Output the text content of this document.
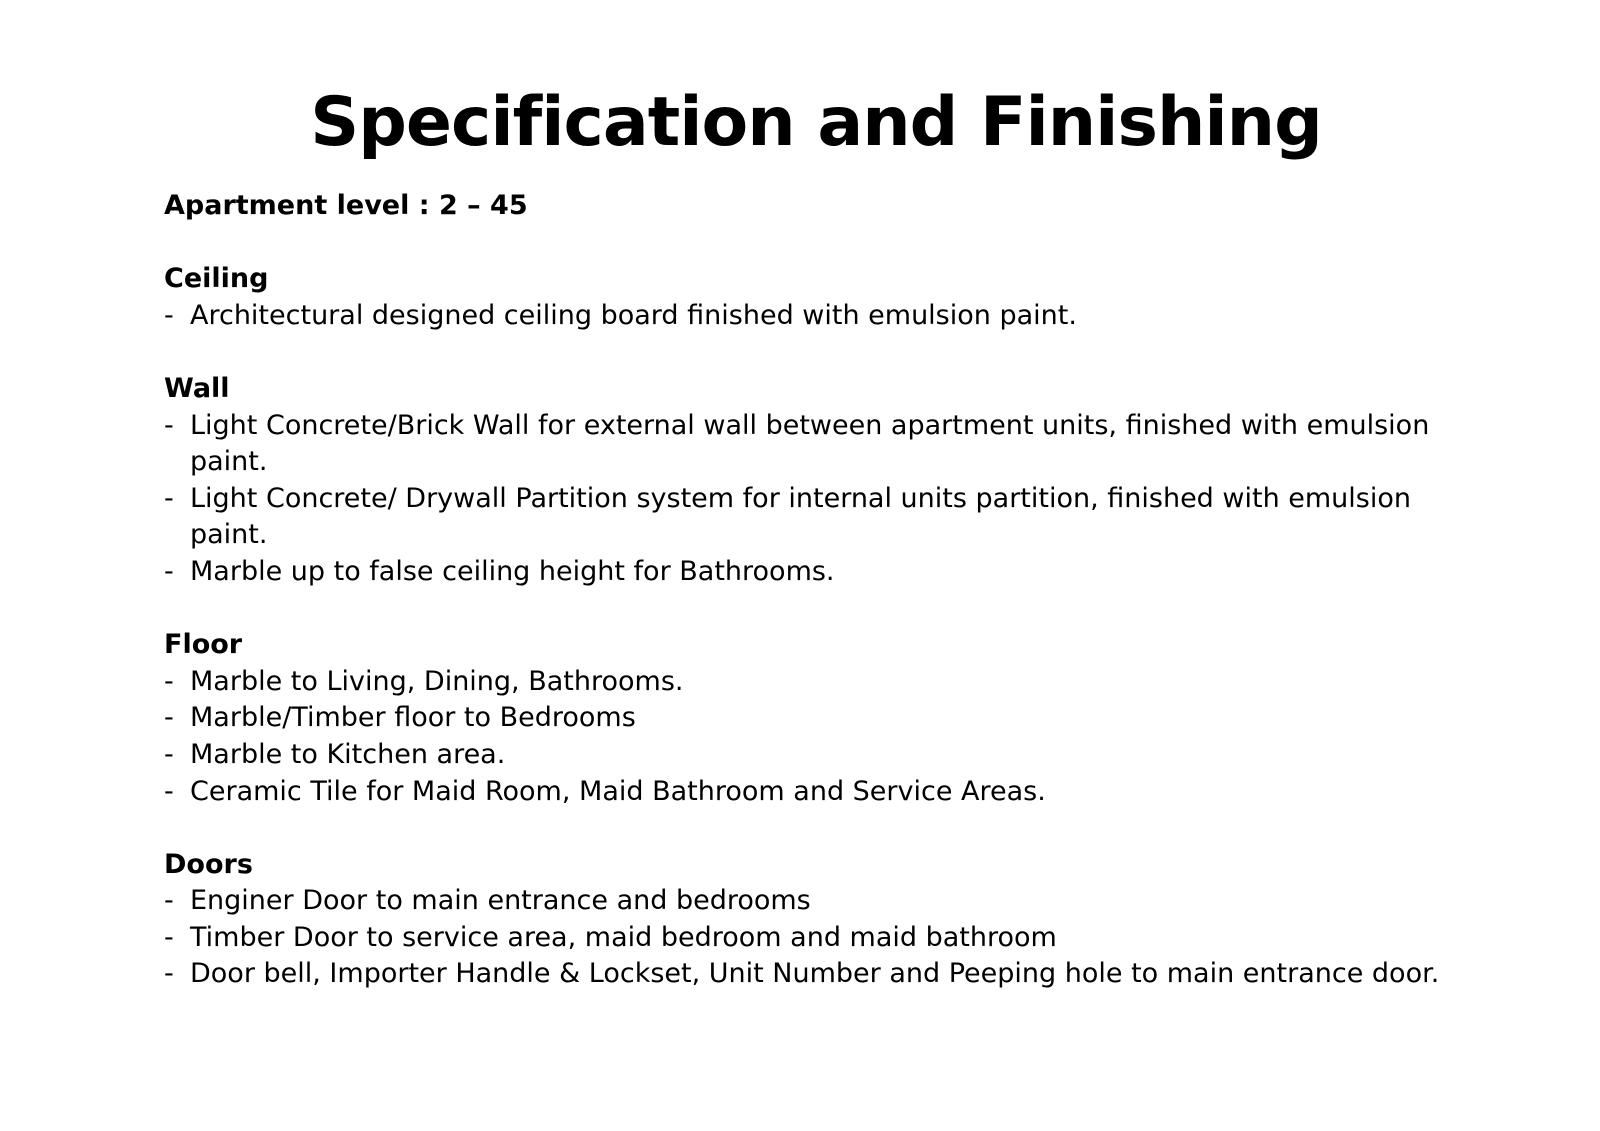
Specification and Finishing

Apartment level : 2 – 45

Ceiling

- Architectural designed ceiling board finished with emulsion paint.

Wall

- Light Concrete/Brick Wall for external wall between apartment units, finished with emulsion paint.

- Light Concrete/ Drywall Partition system for internal units partition, finished with emulsion paint.

- Marble up to false ceiling height for Bathrooms.

Floor

- Marble to Living, Dining, Bathrooms.

- Marble/Timber floor to Bedrooms

- Marble to Kitchen area.

- Ceramic Tile for Maid Room, Maid Bathroom and Service Areas.

Doors

- Enginer Door to main entrance and bedrooms

- Timber Door to service area, maid bedroom and maid bathroom

- Door bell, Importer Handle & Lockset, Unit Number and Peeping hole to main entrance door.
